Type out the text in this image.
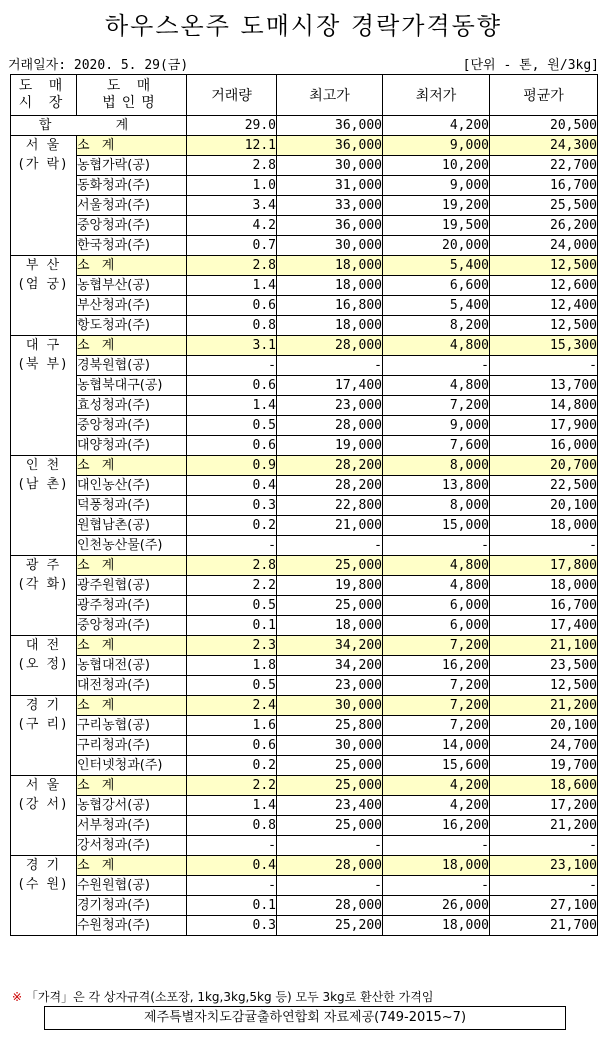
하우스온주 도매시장 경락가격동향
거래일자: 2020. 5. 29(금)	[단위 - 톤, 원/3kg]
도 매
시 장	도 매
법인명	거래량	최고가	최저가	평균가
합 계		29.0	36,000	4,200	20,500

서 울
(가 락)	소 계	12.1	36,000	9,000	24,300
	농협가락(공)	2.8	30,000	10,200	22,700
	동화청과(주)	1.0	31,000	9,000	16,700
	서울청과(주)	3.4	33,000	19,200	25,500
	중앙청과(주)	4.2	36,000	19,500	26,200
	한국청과(주)	0.7	30,000	20,000	24,000

부 산
(엄 궁)	소 계	2.8	18,000	5,400	12,500
	농협부산(공)	1.4	18,000	6,600	12,600
	부산청과(주)	0.6	16,800	5,400	12,400
	항도청과(주)	0.8	18,000	8,200	12,500

대 구
(북 부)	소 계	3.1	28,000	4,800	15,300
	경북원협(공)	-	-	-	-
	농협북대구(공)	0.6	17,400	4,800	13,700
	효성청과(주)	1.4	23,000	7,200	14,800
	중앙청과(주)	0.5	28,000	9,000	17,900
	대양청과(주)	0.6	19,000	7,600	16,000

인 천
(남 촌)	소 계	0.9	28,200	8,000	20,700
	대인농산(주)	0.4	28,200	13,800	22,500
	덕풍청과(주)	0.3	22,800	8,000	20,100
	원협남촌(공)	0.2	21,000	15,000	18,000
	인천농산물(주)	-	-	-	-

광 주
(각 화)	소 계	2.8	25,000	4,800	17,800
	광주원협(공)	2.2	19,800	4,800	18,000
	광주청과(주)	0.5	25,000	6,000	16,700
	중앙청과(주)	0.1	18,000	6,000	17,400

대 전
(오 정)	소 계	2.3	34,200	7,200	21,100
	농협대전(공)	1.8	34,200	16,200	23,500
	대전청과(주)	0.5	23,000	7,200	12,500

경 기
(구 리)	소 계	2.4	30,000	7,200	21,200
	구리농협(공)	1.6	25,800	7,200	20,100
	구리청과(주)	0.6	30,000	14,000	24,700
	인터넷청과(주)	0.2	25,000	15,600	19,700

서 울
(강 서)	소 계	2.2	25,000	4,200	18,600
	농협강서(공)	1.4	23,400	4,200	17,200
	서부청과(주)	0.8	25,000	16,200	21,200
	강서청과(주)	-	-	-	-

경 기
(수 원)	소 계	0.4	28,000	18,000	23,100
	수원원협(공)	-	-	-	-
	경기청과(주)	0.1	28,000	26,000	27,100
	수원청과(주)	0.3	25,200	18,000	21,700
※ 「가격」은 각 상자규격(소포장, 1kg,3kg,5kg 등) 모두 3kg로 환산한 가격임
제주특별자치도감귤출하연합회 자료제공(749-2015~7)
